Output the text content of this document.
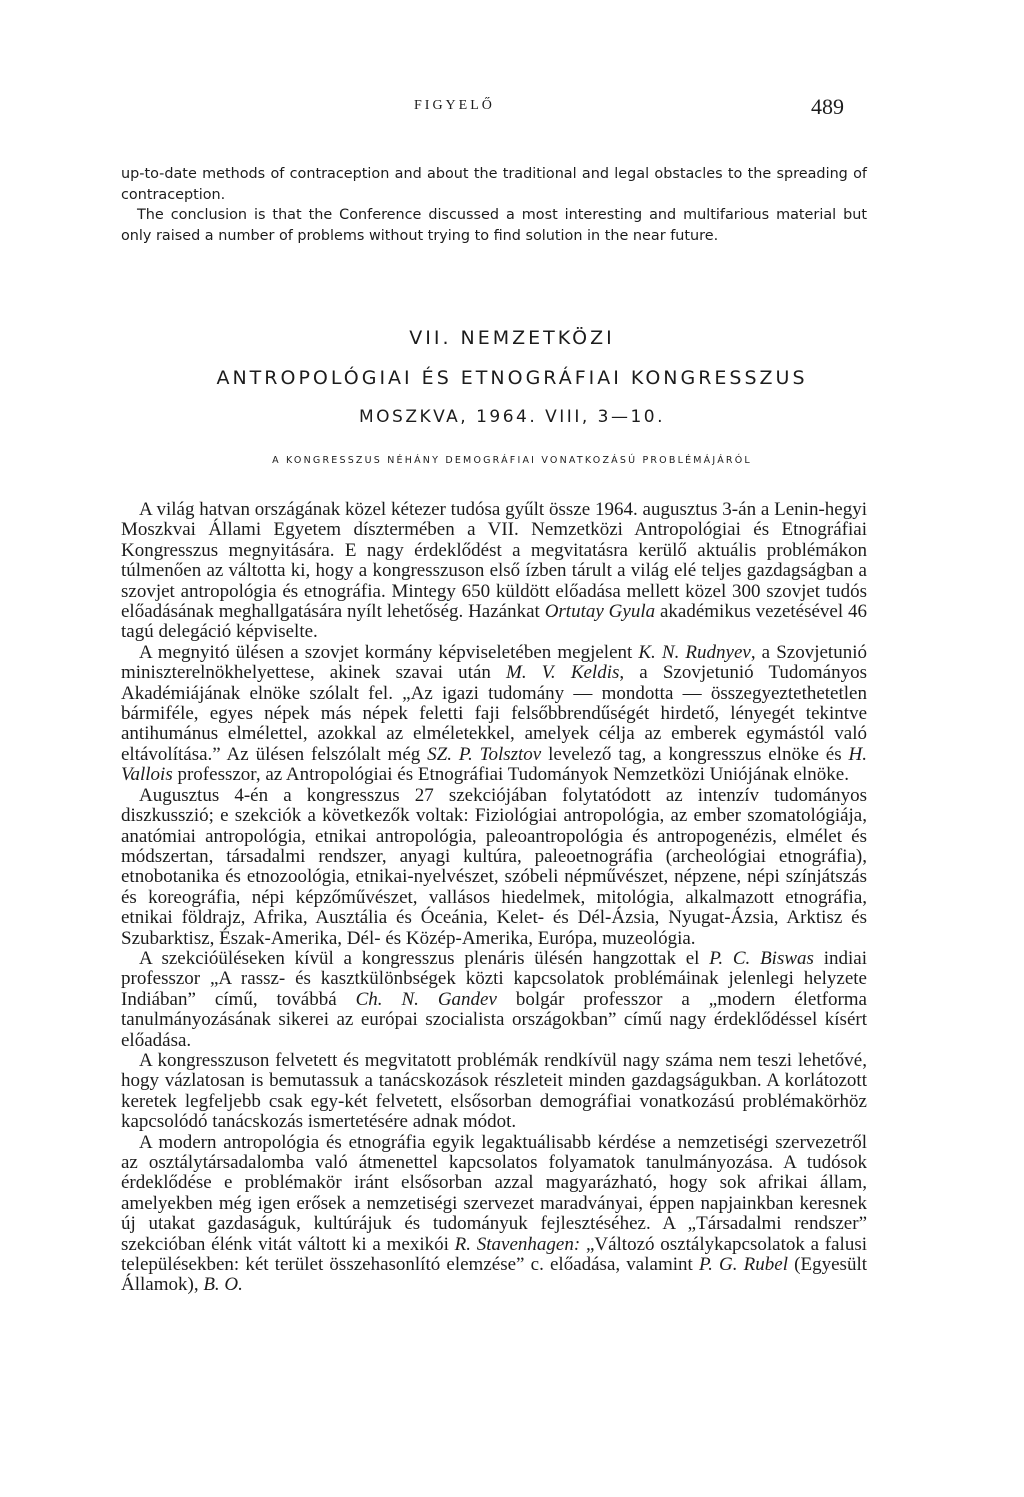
FIGYELŐ	489

up-to-date methods of contraception and about the traditional and legal obstacles to the spreading of contraception.

The conclusion is that the Conference discussed a most interesting and multifarious material but only raised a number of problems without trying to find solution in the near future.

VII. NEMZETKÖZI
ANTROPOLÓGIAI ÉS ETNOGRÁFIAI KONGRESSZUS
MOSZKVA, 1964. VIII, 3—10.
A KONGRESSZUS NÉHÁNY DEMOGRÁFIAI VONATKOZÁSÚ PROBLÉMÁJÁRÓL

A világ hatvan országának közel kétezer tudósa gyűlt össze 1964. augusztus 3-án a Lenin-hegyi Moszkvai Állami Egyetem dísztermében a VII. Nemzetközi Antropológiai és Etnográfiai Kongresszus megnyitására. E nagy érdeklődést a megvitatásra kerülő aktuális problémákon túlmenően az váltotta ki, hogy a kongresszuson első ízben tárult a világ elé teljes gazdagságban a szovjet antropológia és etnográfia. Mintegy 650 küldött előadása mellett közel 300 szovjet tudós előadásának meghallgatására nyílt lehetőség. Hazánkat Ortutay Gyula akadémikus vezetésével 46 tagú delegáció képviselte.

A megnyitó ülésen a szovjet kormány képviseletében megjelent K. N. Rudnyev, a Szovjetunió miniszterelnökhelyettese, akinek szavai után M. V. Keldis, a Szovjetunió Tudományos Akadémiájának elnöke szólalt fel. „Az igazi tudomány — mondotta — összegyeztethetetlen bármiféle, egyes népek más népek feletti faji felsőbbrendűségét hirdető, lényegét tekintve antihumánus elmélettel, azokkal az elméletekkel, amelyek célja az emberek egymástól való eltávolítása.” Az ülésen felszólalt még SZ. P. Tolsztov levelező tag, a kongresszus elnöke és H. Vallois professzor, az Antropológiai és Etnográfiai Tudományok Nemzetközi Uniójának elnöke.

Augusztus 4-én a kongresszus 27 szekciójában folytatódott az intenzív tudományos diszkusszió; e szekciók a következők voltak: Fiziológiai antropológia, az ember szomatológiája, anatómiai antropológia, etnikai antropológia, paleoantropológia és antropogenézis, elmélet és módszertan, társadalmi rendszer, anyagi kultúra, paleoetnográfia (archeológiai etnográfia), etnobotanika és etnozoológia, etnikai-nyelvészet, szóbeli népművészet, népzene, népi színjátszás és koreográfia, népi képzőművészet, vallásos hiedelmek, mitológia, alkalmazott etnográfia, etnikai földrajz, Afrika, Ausztália és Óceánia, Kelet- és Dél-Ázsia, Nyugat-Ázsia, Arktisz és Szubarktisz, Észak-Amerika, Dél- és Közép-Amerika, Európa, muzeológia.

A szekcióüléseken kívül a kongresszus plenáris ülésén hangzottak el P. C. Biswas indiai professzor „A rassz- és kasztkülönbségek közti kapcsolatok problémáinak jelenlegi helyzete Indiában” című, továbbá Ch. N. Gandev bolgár professzor a „modern életforma tanulmányozásának sikerei az európai szocialista országokban” című nagy érdeklődéssel kísért előadása.

A kongresszuson felvetett és megvitatott problémák rendkívül nagy száma nem teszi lehetővé, hogy vázlatosan is bemutassuk a tanácskozások részleteit minden gazdagságukban. A korlátozott keretek legfeljebb csak egy-két felvetett, elsősorban demográfiai vonatkozású problémakörhöz kapcsolódó tanácskozás ismertetésére adnak módot.

A modern antropológia és etnográfia egyik legaktuálisabb kérdése a nemzetiségi szervezetről az osztálytársadalomba való átmenettel kapcsolatos folyamatok tanulmányozása. A tudósok érdeklődése e problémakör iránt elsősorban azzal magyarázható, hogy sok afrikai állam, amelyekben még igen erősek a nemzetiségi szervezet maradványai, éppen napjainkban keresnek új utakat gazdaságuk, kultúrájuk és tudományuk fejlesztéséhez. A „Társadalmi rendszer” szekcióban élénk vitát váltott ki a mexikói R. Stavenhagen: „Változó osztálykapcsolatok a falusi településekben: két terület összehasonlító elemzése” c. előadása, valamint P. G. Rubel (Egyesült Államok), B. O.
